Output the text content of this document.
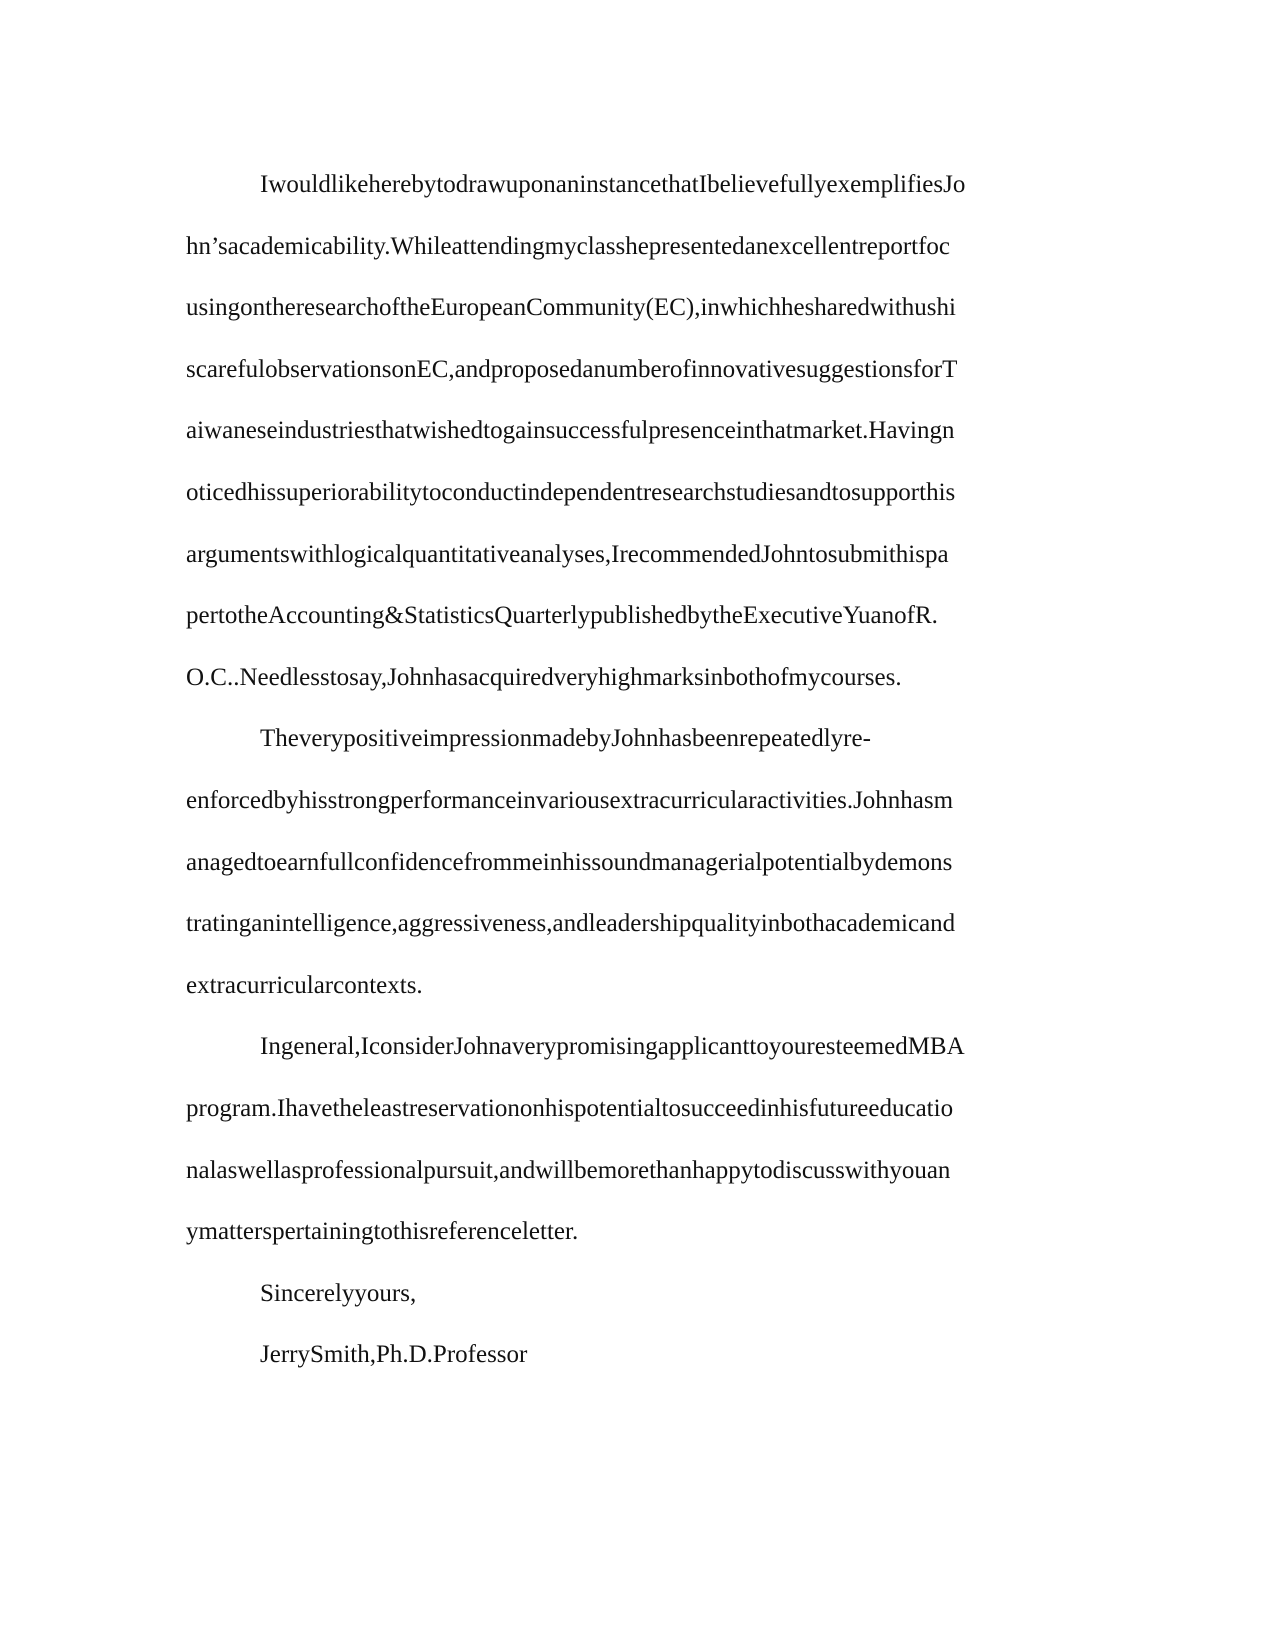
IwouldlikeherebytodrawuponaninstancethatIbelievefullyexemplifiesJo
hn’sacademicability.Whileattendingmyclasshepresentedanexcellentreportfoc
usingontheresearchoftheEuropeanCommunity(EC),inwhichhesharedwithushi
scarefulobservationsonEC,andproposedanumberofinnovativesuggestionsforT
aiwaneseindustriesthatwishedtogainsuccessfulpresenceinthatmarket.Havingn
oticedhissuperiorabilitytoconductindependentresearchstudiesandtosupporthis
argumentswithlogicalquantitativeanalyses,IrecommendedJohntosubmithispa
pertotheAccounting&StatisticsQuarterlypublishedbytheExecutiveYuanofR.
O.C..Needlesstosay,Johnhasacquiredveryhighmarksinbothofmycourses.
TheverypositiveimpressionmadebyJohnhasbeenrepeatedlyre-
enforcedbyhisstrongperformanceinvariousextracurricularactivities.Johnhasm
anagedtoearnfullconfidencefrommeinhissoundmanagerialpotentialbydemons
tratinganintelligence,aggressiveness,andleadershipqualityinbothacademicand
extracurricularcontexts.
Ingeneral,IconsiderJohnaverypromisingapplicanttoyouresteemedMBA
program.Ihavetheleastreservationonhispotentialtosucceedinhisfutureeducatio
nalaswellasprofessionalpursuit,andwillbemorethanhappytodiscusswithyouan
ymatterspertainingtothisreferenceletter.
Sincerelyyours,
JerrySmith,Ph.D.Professor
